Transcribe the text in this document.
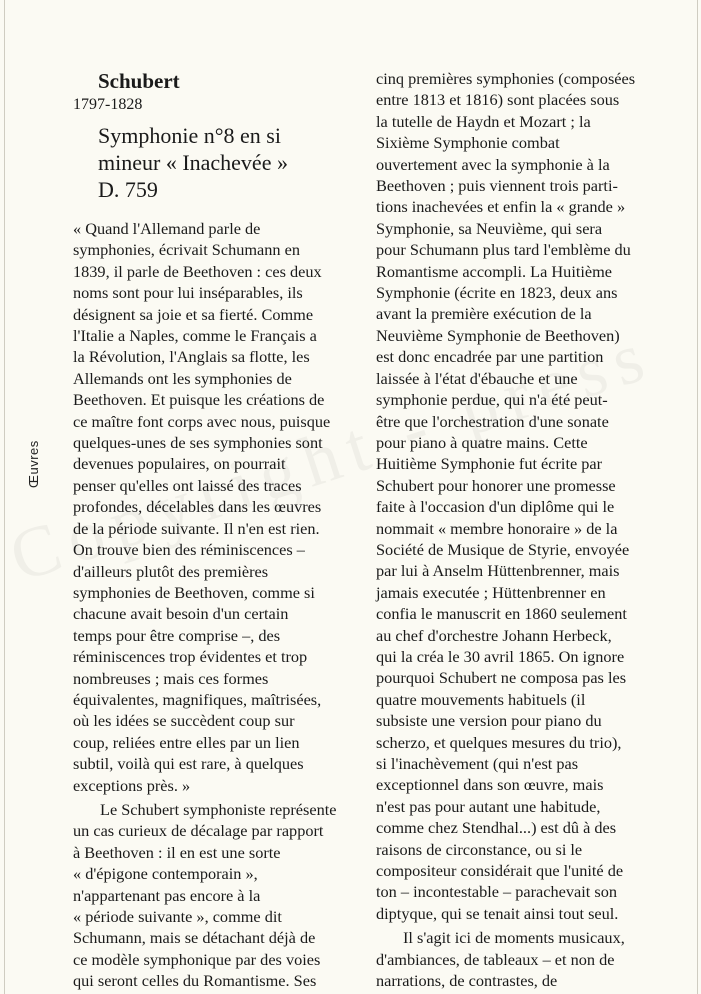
Œuvres
Schubert
1797-1828
Symphonie n°8 en si
mineur « Inachevée »
D. 759
« Quand l'Allemand parle de
symphonies, écrivait Schumann en
1839, il parle de Beethoven : ces deux
noms sont pour lui inséparables, ils
désignent sa joie et sa fierté. Comme
l'Italie a Naples, comme le Français a
la Révolution, l'Anglais sa flotte, les
Allemands ont les symphonies de
Beethoven. Et puisque les créations de
ce maître font corps avec nous, puisque
quelques-unes de ses symphonies sont
devenues populaires, on pourrait
penser qu'elles ont laissé des traces
profondes, décelables dans les œuvres
de la période suivante. Il n'en est rien.
On trouve bien des réminiscences –
d'ailleurs plutôt des premières
symphonies de Beethoven, comme si
chacune avait besoin d'un certain
temps pour être comprise –, des
réminiscences trop évidentes et trop
nombreuses ; mais ces formes
équivalentes, magnifiques, maîtrisées,
où les idées se succèdent coup sur
coup, reliées entre elles par un lien
subtil, voilà qui est rare, à quelques
exceptions près. »
Le Schubert symphoniste représente
un cas curieux de décalage par rapport
à Beethoven : il en est une sorte
« d'épigone contemporain »,
n'appartenant pas encore à la
« période suivante », comme dit
Schumann, mais se détachant déjà de
ce modèle symphonique par des voies
qui seront celles du Romantisme. Ses
cinq premières symphonies (composées
entre 1813 et 1816) sont placées sous
la tutelle de Haydn et Mozart ; la
Sixième Symphonie combat
ouvertement avec la symphonie à la
Beethoven ; puis viennent trois parti-
tions inachevées et enfin la « grande »
Symphonie, sa Neuvième, qui sera
pour Schumann plus tard l'emblème du
Romantisme accompli. La Huitième
Symphonie (écrite en 1823, deux ans
avant la première exécution de la
Neuvième Symphonie de Beethoven)
est donc encadrée par une partition
laissée à l'état d'ébauche et une
symphonie perdue, qui n'a été peut-
être que l'orchestration d'une sonate
pour piano à quatre mains. Cette
Huitième Symphonie fut écrite par
Schubert pour honorer une promesse
faite à l'occasion d'un diplôme qui le
nommait « membre honoraire » de la
Société de Musique de Styrie, envoyée
par lui à Anselm Hüttenbrenner, mais
jamais executée ; Hüttenbrenner en
confia le manuscrit en 1860 seulement
au chef d'orchestre Johann Herbeck,
qui la créa le 30 avril 1865. On ignore
pourquoi Schubert ne composa pas les
quatre mouvements habituels (il
subsiste une version pour piano du
scherzo, et quelques mesures du trio),
si l'inachèvement (qui n'est pas
exceptionnel dans son œuvre, mais
n'est pas pour autant une habitude,
comme chez Stendhal...) est dû à des
raisons de circonstance, ou si le
compositeur considérait que l'unité de
ton – incontestable – parachevait son
diptyque, qui se tenait ainsi tout seul.
Il s'agit ici de moments musicaux,
d'ambiances, de tableaux – et non de
narrations, de contrastes, de
